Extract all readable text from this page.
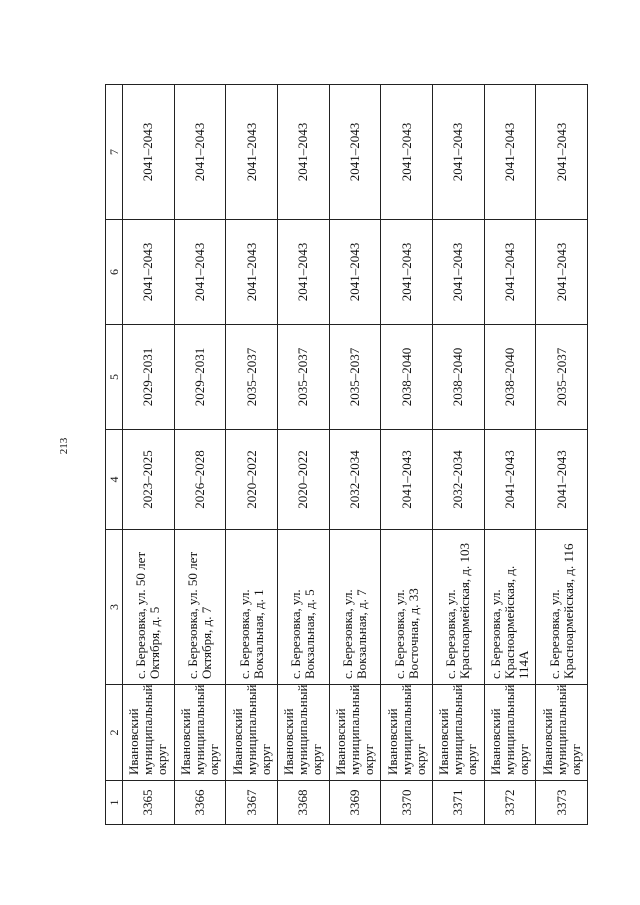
213
1	2	3	4	5	6	7
3365	Ивановский муниципальный округ	с. Березовка, ул. 50 лет Октября, д. 5	2023–2025	2029–2031	2041–2043	2041–2043
3366	Ивановский муниципальный округ	с. Березовка, ул. 50 лет Октября, д. 7	2026–2028	2029–2031	2041–2043	2041–2043
3367	Ивановский муниципальный округ	с. Березовка, ул. Вокзальная, д. 1	2020–2022	2035–2037	2041–2043	2041–2043
3368	Ивановский муниципальный округ	с. Березовка, ул. Вокзальная, д. 5	2020–2022	2035–2037	2041–2043	2041–2043
3369	Ивановский муниципальный округ	с. Березовка, ул. Вокзальная, д. 7	2032–2034	2035–2037	2041–2043	2041–2043
3370	Ивановский муниципальный округ	с. Березовка, ул. Восточная, д. 33	2041–2043	2038–2040	2041–2043	2041–2043
3371	Ивановский муниципальный округ	с. Березовка, ул. Красноармейская, д. 103	2032–2034	2038–2040	2041–2043	2041–2043
3372	Ивановский муниципальный округ	с. Березовка, ул. Красноармейская, д. 114А	2041–2043	2038–2040	2041–2043	2041–2043
3373	Ивановский муниципальный округ	с. Березовка, ул. Красноармейская, д. 116	2041–2043	2035–2037	2041–2043	2041–2043
